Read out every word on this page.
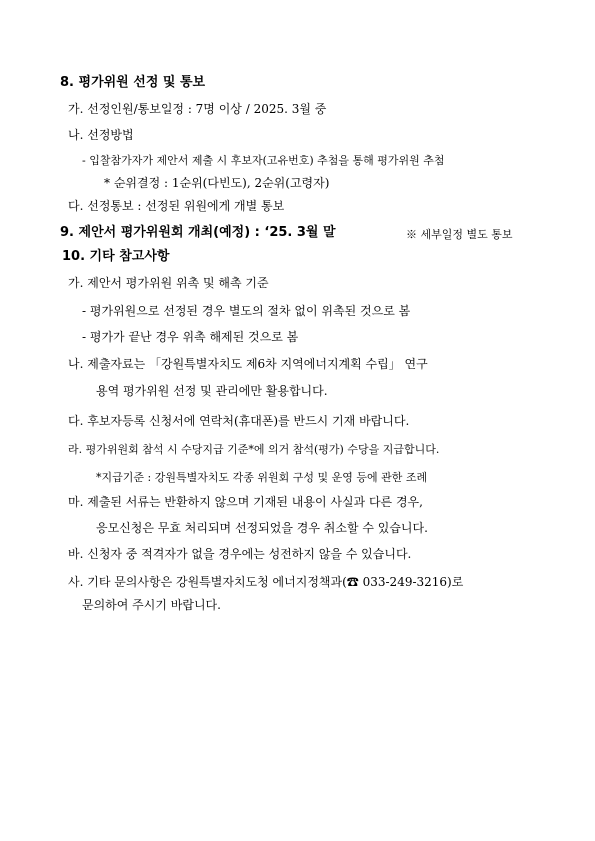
8. 평가위원 선정 및 통보
가. 선정인원/통보일정 : 7명 이상 / 2025. 3월 중
나. 선정방법
- 입찰참가자가 제안서 제출 시 후보자(고유번호) 추첨을 통해 평가위원 추첨
* 순위결정 : 1순위(다빈도), 2순위(고령자)
다. 선정통보 : 선정된 위원에게 개별 통보
9. 제안서 평가위원회 개최(예정) : ‘25. 3월 말	※ 세부일정 별도 통보
10. 기타 참고사항
가. 제안서 평가위원 위촉 및 해촉 기준
- 평가위원으로 선정된 경우 별도의 절차 없이 위촉된 것으로 봄
- 평가가 끝난 경우 위촉 해제된 것으로 봄
나. 제출자료는 「강원특별자치도 제6차 지역에너지계획 수립」 연구
용역 평가위원 선정 및 관리에만 활용합니다.
다. 후보자등록 신청서에 연락처(휴대폰)를 반드시 기재 바랍니다.
라. 평가위원회 참석 시 수당지급 기준*에 의거 참석(평가) 수당을 지급합니다.
*지급기준 : 강원특별자치도 각종 위원회 구성 및 운영 등에 관한 조례
마. 제출된 서류는 반환하지 않으며 기재된 내용이 사실과 다른 경우,
응모신청은 무효 처리되며 선정되었을 경우 취소할 수 있습니다.
바. 신청자 중 적격자가 없을 경우에는 성전하지 않을 수 있습니다.
사. 기타 문의사항은 강원특별자치도청 에너지정책과(☎ 033-249-3216)로
문의하여 주시기 바랍니다.
